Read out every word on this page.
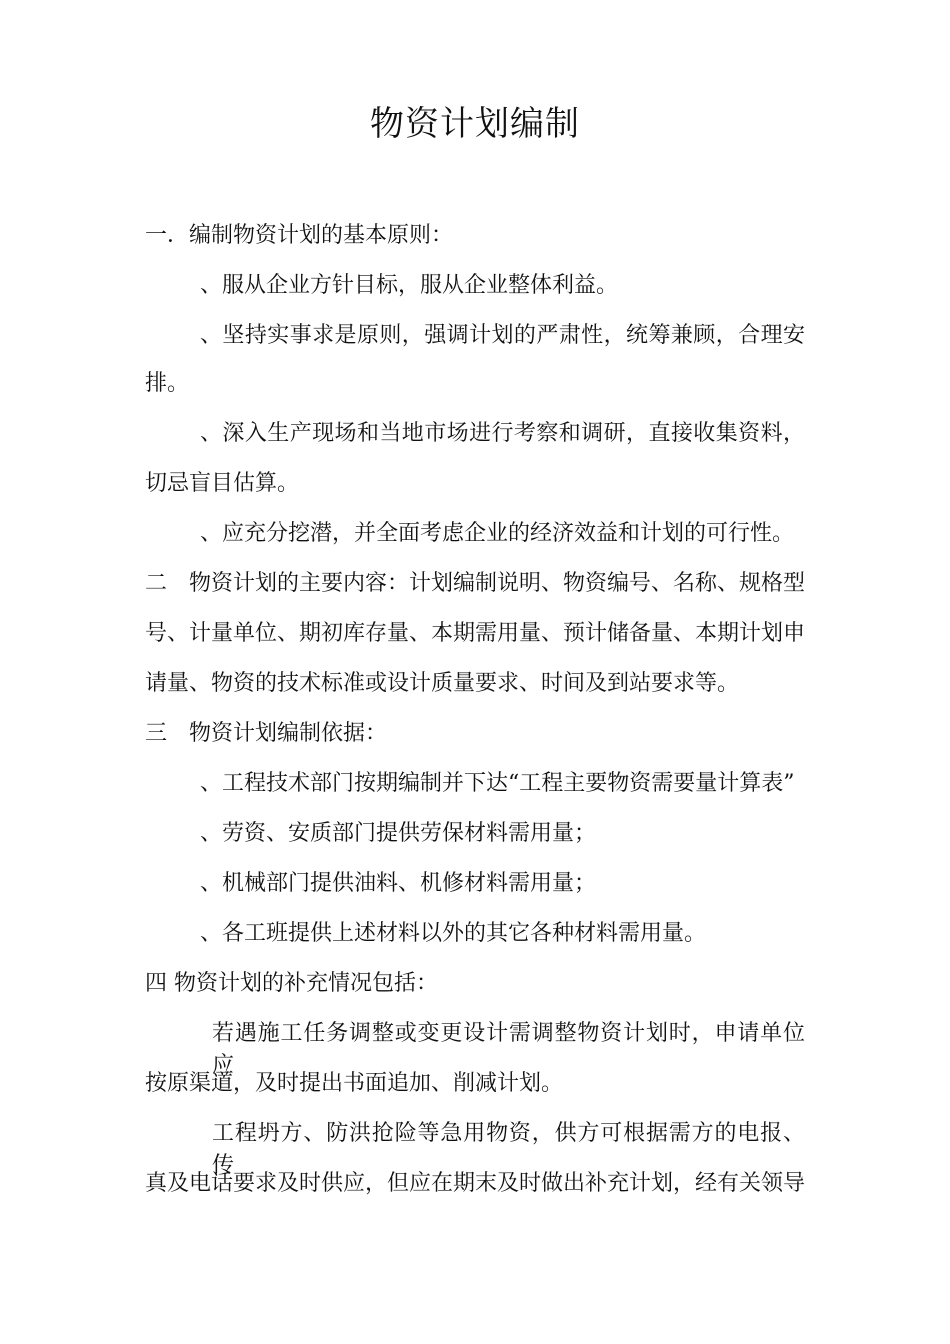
物资计划编制
一．编制物资计划的基本原则：
、服从企业方针目标，服从企业整体利益。
、坚持实事求是原则，强调计划的严肃性，统筹兼顾，合理安
排。
、深入生产现场和当地市场进行考察和调研，直接收集资料，
切忌盲目估算。
、应充分挖潜，并全面考虑企业的经济效益和计划的可行性。
二　物资计划的主要内容：计划编制说明、物资编号、名称、规格型
号、计量单位、期初库存量、本期需用量、预计储备量、本期计划申
请量、物资的技术标准或设计质量要求、时间及到站要求等。
三　物资计划编制依据：
、工程技术部门按期编制并下达“工程主要物资需要量计算表”
、劳资、安质部门提供劳保材料需用量；
、机械部门提供油料、机修材料需用量；
、各工班提供上述材料以外的其它各种材料需用量。
四 物资计划的补充情况包括：
若遇施工任务调整或变更设计需调整物资计划时，申请单位应
按原渠道，及时提出书面追加、削减计划。
工程坍方、防洪抢险等急用物资，供方可根据需方的电报、传
真及电话要求及时供应，但应在期末及时做出补充计划，经有关领导
